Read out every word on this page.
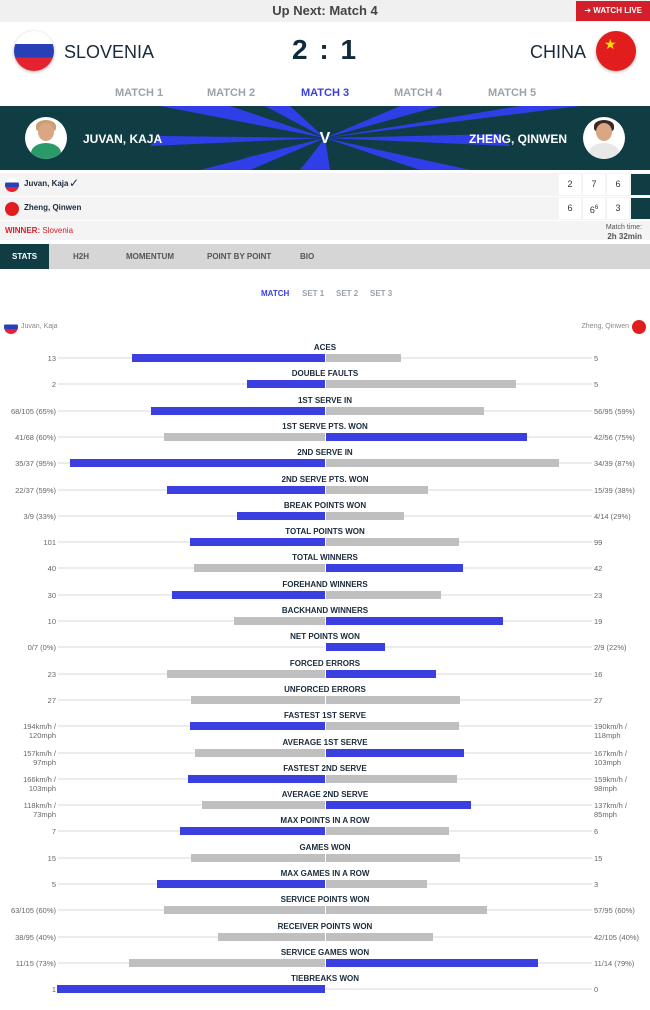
Up Next: Match 4	➔ WATCH LIVE
SLOVENIA	2 : 1	CHINA ★
MATCH 1	MATCH 2	MATCH 3	MATCH 4	MATCH 5
JUVAN, KAJA	V	ZHENG, QINWEN
Juvan, Kaja ✓	2	7	6
Zheng, Qinwen	6	$6^6$	3
WINNER: Slovenia	Match time:
2h 32min
STATS	H2H	MOMENTUM	POINT BY POINT	BIO
MATCH SET 1 SET 2 SET 3
Juvan, Kaja	Zheng, Qinwen
ACES
13	5
DOUBLE FAULTS
2	5
1ST SERVE IN
68/105 (65%)	56/95 (59%)
1ST SERVE PTS. WON
41/68 (60%)	42/56 (75%)
2ND SERVE IN
35/37 (95%)	34/39 (87%)
2ND SERVE PTS. WON
22/37 (59%)	15/39 (38%)
BREAK POINTS WON
3/9 (33%)	4/14 (29%)
TOTAL POINTS WON
101	99
TOTAL WINNERS
40	42
FOREHAND WINNERS
30	23
BACKHAND WINNERS
10	19
NET POINTS WON
0/7 (0%)	2/9 (22%)
FORCED ERRORS
23	16
UNFORCED ERRORS
27	27
FASTEST 1ST SERVE
194km/h / 120mph
190km/h / 118mph
AVERAGE 1ST SERVE
157km/h / 97mph
167km/h / 103mph
FASTEST 2ND SERVE
166km/h / 103mph
159km/h / 98mph
AVERAGE 2ND SERVE
118km/h / 73mph
137km/h / 85mph
MAX POINTS IN A ROW
7	6
GAMES WON
15	15
MAX GAMES IN A ROW
5	3
SERVICE POINTS WON
63/105 (60%)	57/95 (60%)
RECEIVER POINTS WON
38/95 (40%)	42/105 (40%)
SERVICE GAMES WON
11/15 (73%)	11/14 (79%)
TIEBREAKS WON
1	0
